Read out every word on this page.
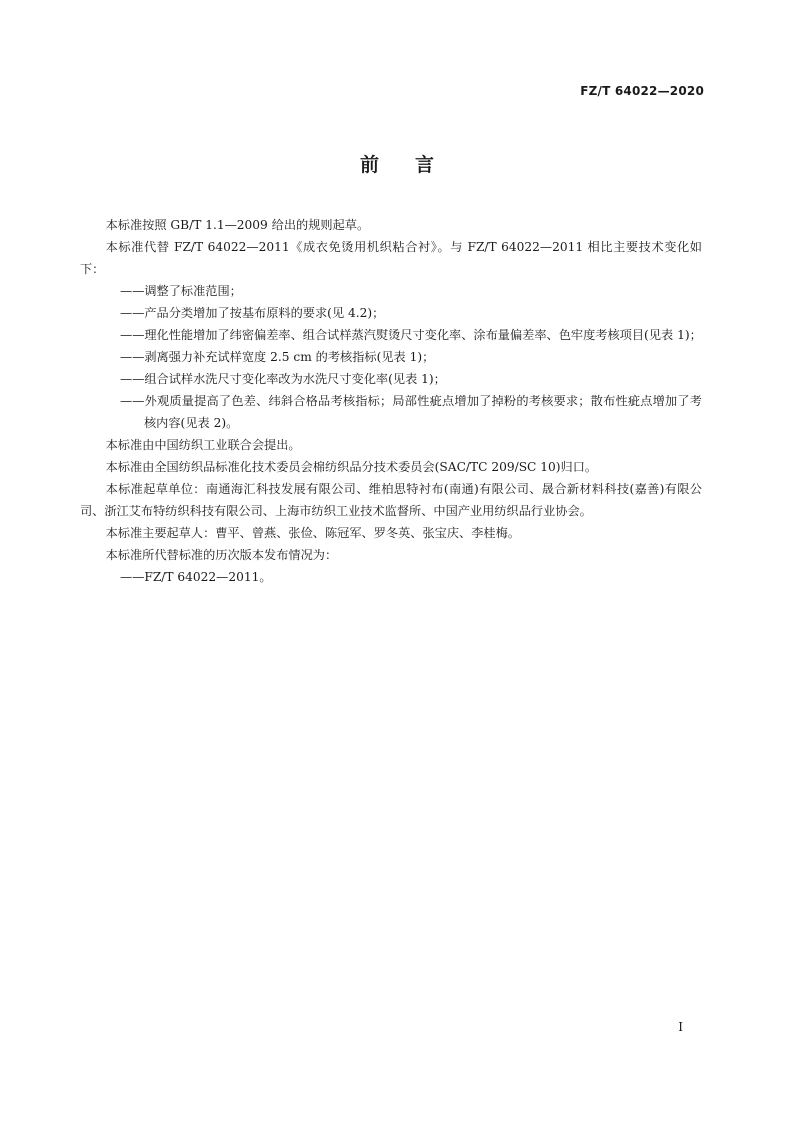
FZ/T 64022—2020
前言

本标准按照 GB/T 1.1—2009 给出的规则起草。

本标准代替 FZ/T 64022—2011《成衣免烫用机织粘合衬》。与 FZ/T 64022—2011 相比主要技术变化如下：

——调整了标准范围；

——产品分类增加了按基布原料的要求(见 4.2)；

——理化性能增加了纬密偏差率、组合试样蒸汽熨烫尺寸变化率、涂布量偏差率、色牢度考核项目(见表 1)；

——剥离强力补充试样宽度 2.5 cm 的考核指标(见表 1)；

——组合试样水洗尺寸变化率改为水洗尺寸变化率(见表 1)；

——外观质量提高了色差、纬斜合格品考核指标；局部性疵点增加了掉粉的考核要求；散布性疵点增加了考核内容(见表 2)。

本标准由中国纺织工业联合会提出。

本标准由全国纺织品标准化技术委员会棉纺织品分技术委员会(SAC/TC 209/SC 10)归口。

本标准起草单位：南通海汇科技发展有限公司、维柏思特衬布(南通)有限公司、晟合新材料科技(嘉善)有限公司、浙江艾布特纺织科技有限公司、上海市纺织工业技术监督所、中国产业用纺织品行业协会。

本标准主要起草人：曹平、曾燕、张俭、陈冠军、罗冬英、张宝庆、李桂梅。

本标准所代替标准的历次版本发布情况为：

——FZ/T 64022—2011。

I
